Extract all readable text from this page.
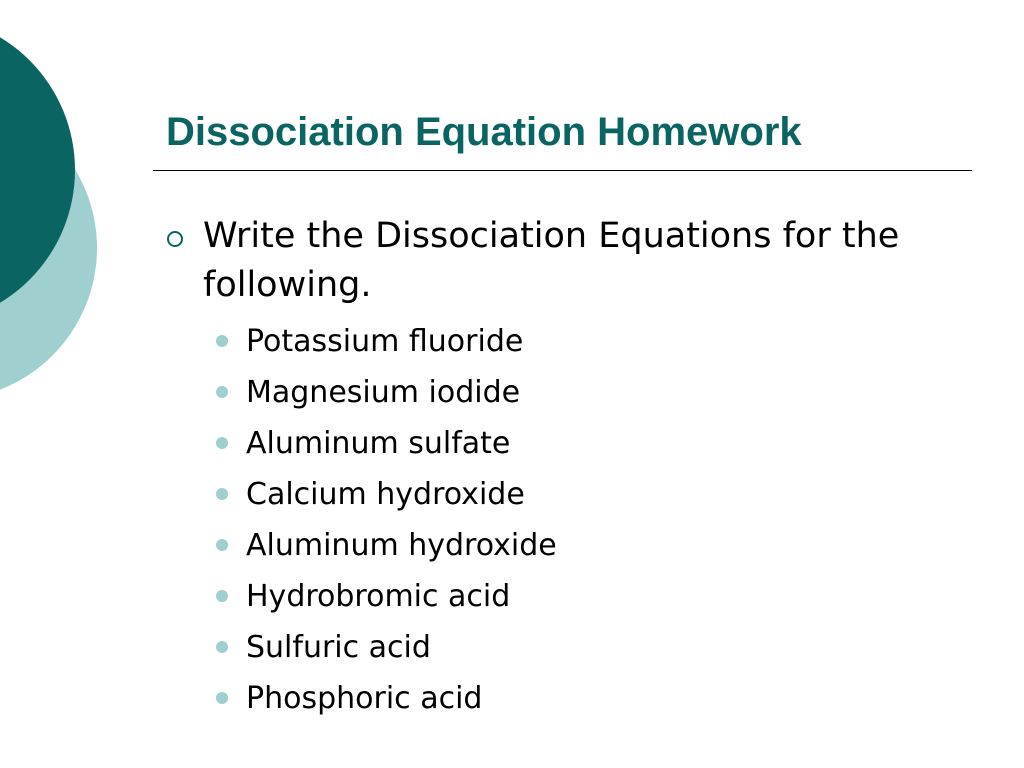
Dissociation Equation Homework
Write the Dissociation Equations for the following.
Potassium fluoride
Magnesium iodide
Aluminum sulfate
Calcium hydroxide
Aluminum hydroxide
Hydrobromic acid
Sulfuric acid
Phosphoric acid
